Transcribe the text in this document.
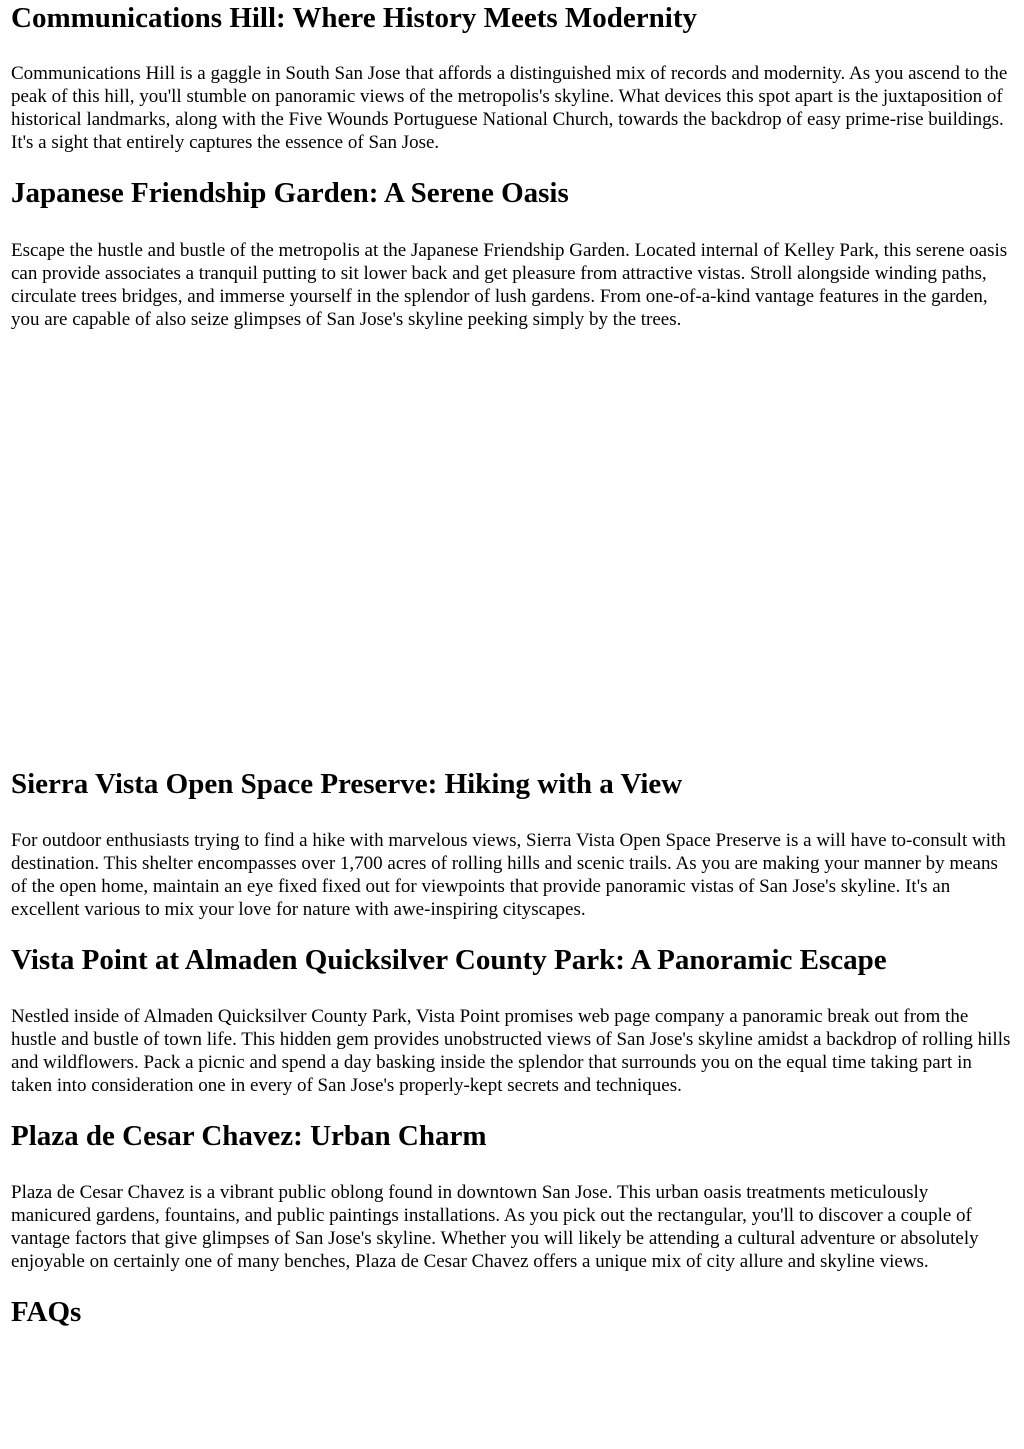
Communications Hill: Where History Meets Modernity

Communications Hill is a gaggle in South San Jose that affords a distinguished mix of records and modernity. As you ascend to the peak of this hill, you'll stumble on panoramic views of the metropolis's skyline. What devices this spot apart is the juxtaposition of historical landmarks, along with the Five Wounds Portuguese National Church, towards the backdrop of easy prime-rise buildings. It's a sight that entirely captures the essence of San Jose.

Japanese Friendship Garden: A Serene Oasis

Escape the hustle and bustle of the metropolis at the Japanese Friendship Garden. Located internal of Kelley Park, this serene oasis can provide associates a tranquil putting to sit lower back and get pleasure from attractive vistas. Stroll alongside winding paths, circulate trees bridges, and immerse yourself in the splendor of lush gardens. From one-of-a-kind vantage features in the garden, you are capable of also seize glimpses of San Jose's skyline peeking simply by the trees.

Sierra Vista Open Space Preserve: Hiking with a View

For outdoor enthusiasts trying to find a hike with marvelous views, Sierra Vista Open Space Preserve is a will have to-consult with destination. This shelter encompasses over 1,700 acres of rolling hills and scenic trails. As you are making your manner by means of the open home, maintain an eye fixed fixed out for viewpoints that provide panoramic vistas of San Jose's skyline. It's an excellent various to mix your love for nature with awe-inspiring cityscapes.

Vista Point at Almaden Quicksilver County Park: A Panoramic Escape

Nestled inside of Almaden Quicksilver County Park, Vista Point promises web page company a panoramic break out from the hustle and bustle of town life. This hidden gem provides unobstructed views of San Jose's skyline amidst a backdrop of rolling hills and wildflowers. Pack a picnic and spend a day basking inside the splendor that surrounds you on the equal time taking part in taken into consideration one in every of San Jose's properly-kept secrets and techniques.

Plaza de Cesar Chavez: Urban Charm

Plaza de Cesar Chavez is a vibrant public oblong found in downtown San Jose. This urban oasis treatments meticulously manicured gardens, fountains, and public paintings installations. As you pick out the rectangular, you'll to discover a couple of vantage factors that give glimpses of San Jose's skyline. Whether you will likely be attending a cultural adventure or absolutely enjoyable on certainly one of many benches, Plaza de Cesar Chavez offers a unique mix of city allure and skyline views.

FAQs
